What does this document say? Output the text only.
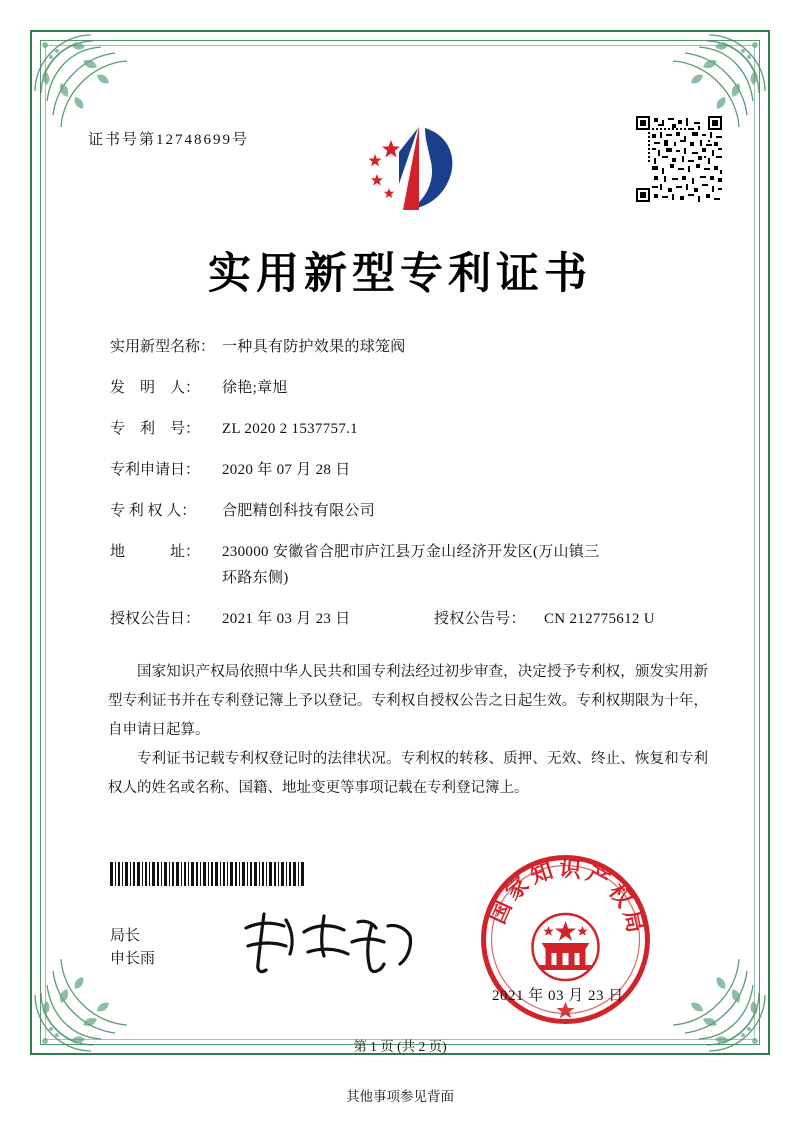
证书号第12748699号
实用新型专利证书
实用新型名称： 一种具有防护效果的球笼阀
发　明　人：	徐艳;章旭
专　利　号：	ZL 2020 2 1537757.1
专利申请日：	2020 年 07 月 28 日
专 利 权 人：	合肥精创科技有限公司
地　　　址：	230000 安徽省合肥市庐江县万金山经济开发区(万山镇三
环路东侧)
授权公告日：	2021 年 03 月 23 日	授权公告号：	CN 212775612 U

国家知识产权局依照中华人民共和国专利法经过初步审查，决定授予专利权，颁发实用新型专利证书并在专利登记簿上予以登记。专利权自授权公告之日起生效。专利权期限为十年，自申请日起算。

专利证书记载专利权登记时的法律状况。专利权的转移、质押、无效、终止、恢复和专利权人的姓名或名称、国籍、地址变更等事项记载在专利登记簿上。

局长
申长雨
国家知识产权局
2021 年 03 月 23 日
第 1 页 (共 2 页)
其他事项参见背面
